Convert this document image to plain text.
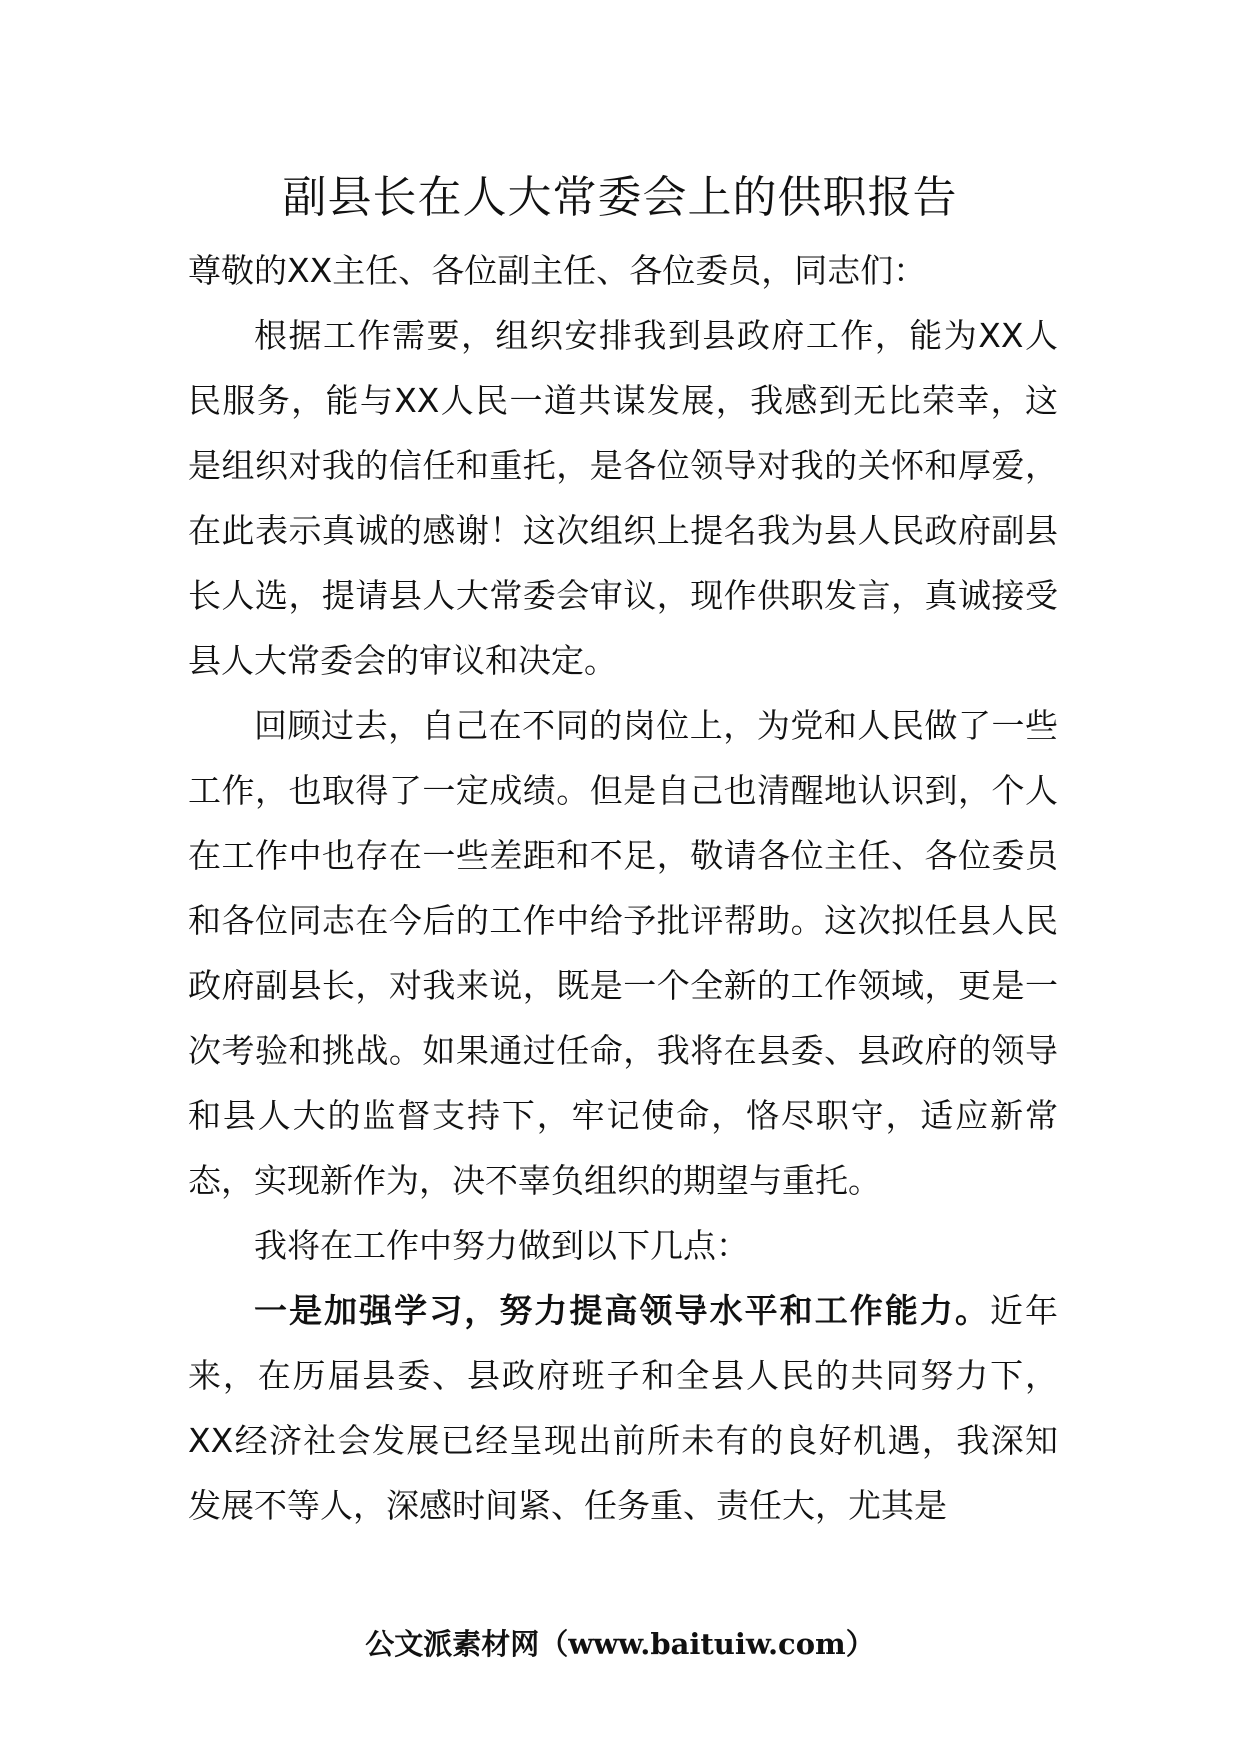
副县长在人大常委会上的供职报告

尊敬的XX主任、各位副主任、各位委员，同志们：

根据工作需要，组织安排我到县政府工作，能为XX人民服务，能与XX人民一道共谋发展，我感到无比荣幸，这是组织对我的信任和重托，是各位领导对我的关怀和厚爱，在此表示真诚的感谢！这次组织上提名我为县人民政府副县长人选，提请县人大常委会审议，现作供职发言，真诚接受县人大常委会的审议和决定。

回顾过去，自己在不同的岗位上，为党和人民做了一些工作，也取得了一定成绩。但是自己也清醒地认识到，个人在工作中也存在一些差距和不足，敬请各位主任、各位委员和各位同志在今后的工作中给予批评帮助。这次拟任县人民政府副县长，对我来说，既是一个全新的工作领域，更是一次考验和挑战。如果通过任命，我将在县委、县政府的领导和县人大的监督支持下，牢记使命，恪尽职守，适应新常态，实现新作为，决不辜负组织的期望与重托。

我将在工作中努力做到以下几点：

一是加强学习，努力提高领导水平和工作能力。近年来，在历届县委、县政府班子和全县人民的共同努力下，XX经济社会发展已经呈现出前所未有的良好机遇，我深知发展不等人，深感时间紧、任务重、责任大，尤其是

公文派素材网（www.baituiw.com）
